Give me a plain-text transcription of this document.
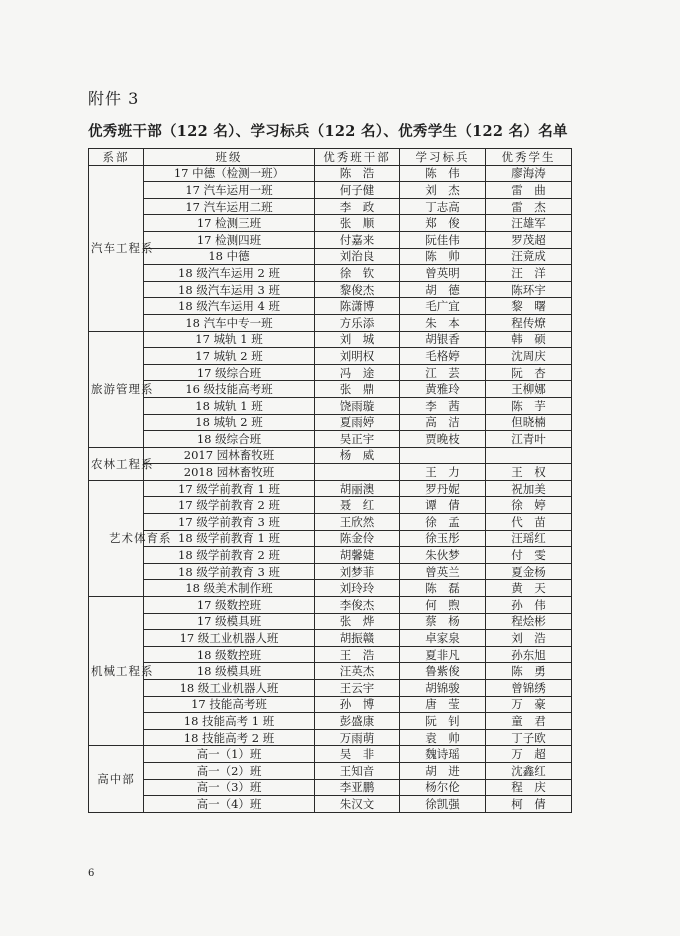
附件 3
优秀班干部（122 名）、学习标兵（122 名）、优秀学生（122 名）名单
系部	班级	优秀班干部	学习标兵	优秀学生
汽车工程系	17 中德（检测一班）	陈　浩	陈　伟	廖海涛
	17 汽车运用一班	何子健	刘　杰	雷　曲
	17 汽车运用二班	李　政	丁志高	雷　杰
	17 检测三班	张　顺	郑　俊	汪雄军
	17 检测四班	付嘉来	阮佳伟	罗茂超
	18 中德	刘治良	陈　帅	汪竟成
	18 级汽车运用 2 班	徐　钦	曾英明	汪　洋
	18 级汽车运用 3 班	黎俊杰	胡　德	陈环宇
	18 级汽车运用 4 班	陈潇博	毛广宜	黎　曙
	18 汽车中专一班	方乐添	朱　本	程传燎
旅游管理系	17 城轨 1 班	刘　城	胡银香	韩　硕
	17 城轨 2 班	刘明权	毛格婷	沈周庆
	17 级综合班	冯　途	江　芸	阮　杏
	16 级技能高考班	张　鼎	黄雅玲	王柳娜
	18 城轨 1 班	饶雨璇	李　茜	陈　芋
	18 城轨 2 班	夏雨婷	高　洁	但晓楠
	18 级综合班	吴正宇	贾晚枝	江青叶
农林工程系	2017 园林畜牧班	杨　威		
	2018 园林畜牧班		王　力	王　权
艺术体育系	17 级学前教育 1 班	胡丽澳	罗丹妮	祝加美
	17 级学前教育 2 班	聂　红	谭　倩	徐　婷
	17 级学前教育 3 班	王欣然	徐　孟	代　苗
	18 级学前教育 1 班	陈金伶	徐玉彤	汪瑶红
	18 级学前教育 2 班	胡馨婕	朱伙梦	付　雯
	18 级学前教育 3 班	刘梦菲	曾英兰	夏金杨
	18 级美术制作班	刘玲玲	陈　磊	黄　天
机械工程系	17 级数控班	李俊杰	何　煦	孙　伟
	17 级模具班	张　烨	蔡　杨	程烩彬
	17 级工业机器人班	胡振赣	卓家泉	刘　浩
	18 级数控班	王　浩	夏非凡	孙东旭
	18 级模具班	汪英杰	鲁紫俊	陈　勇
	18 级工业机器人班	王云宇	胡锦骏	曾锦绣
	17 技能高考班	孙　博	唐　莹	万　豪
	18 技能高考 1 班	彭盛康	阮　钊	童　君
	18 技能高考 2 班	万雨萌	袁　帅	丁子欧
高中部	高一（1）班	吴　非	魏诗瑶	万　超
	高一（2）班	王知音	胡　进	沈鑫红
	高一（3）班	李亚鹏	杨尔伦	程　庆
	高一（4）班	朱汉文	徐凯强	柯　倩
6
